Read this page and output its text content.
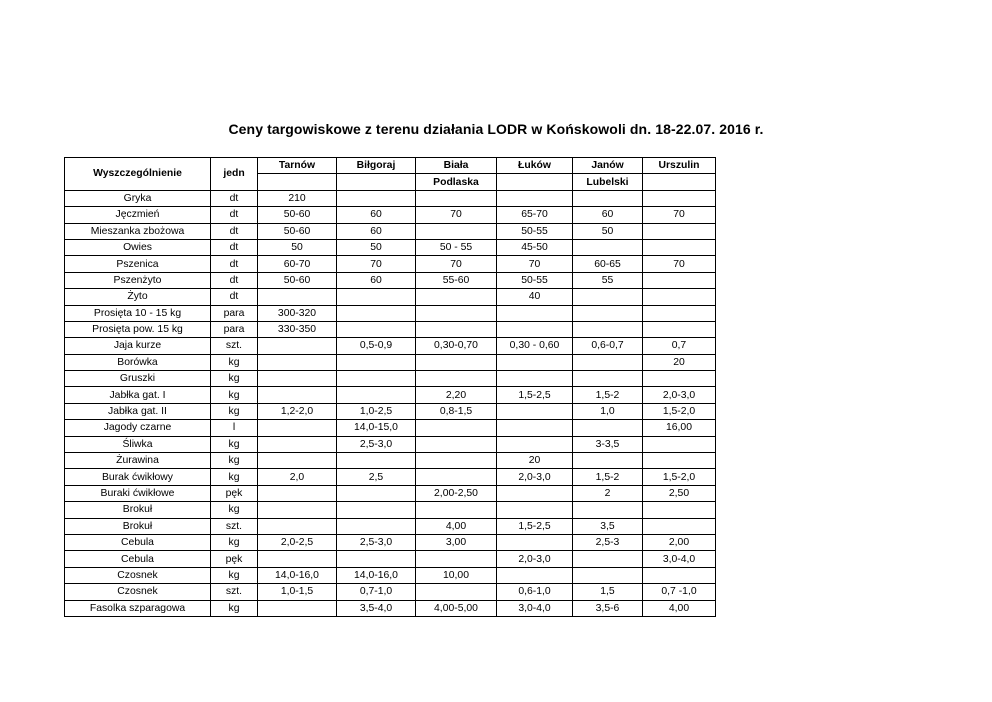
Ceny targowiskowe z terenu działania LODR w Końskowoli dn. 18-22.07. 2016 r.
Wyszczególnienie	jedn	Tarnów	Biłgoraj	Biała	Łuków	Janów	Urszulin
				Podlaska		Lubelski	
Gryka	dt	210					
Jęczmień	dt	50-60	60	70	65-70	60	70
Mieszanka zbożowa	dt	50-60	60		50-55	50	
Owies	dt	50	50	50 - 55	45-50		
Pszenica	dt	60-70	70	70	70	60-65	70
Pszenżyto	dt	50-60	60	55-60	50-55	55	
Żyto	dt				40		
Prosięta 10 - 15 kg	para	300-320					
Prosięta pow. 15 kg	para	330-350					
Jaja kurze	szt.		0,5-0,9	0,30-0,70	0,30 - 0,60	0,6-0,7	0,7
Borówka	kg						20
Gruszki	kg						
Jabłka gat. I	kg			2,20	1,5-2,5	1,5-2	2,0-3,0
Jabłka gat. II	kg	1,2-2,0	1,0-2,5	0,8-1,5		1,0	1,5-2,0
Jagody czarne	l		14,0-15,0				16,00
Śliwka	kg		2,5-3,0			3-3,5	
Żurawina	kg				20		
Burak ćwikłowy	kg	2,0	2,5		2,0-3,0	1,5-2	1,5-2,0
Buraki ćwikłowe	pęk			2,00-2,50		2	2,50
Brokuł	kg						
Brokuł	szt.			4,00	1,5-2,5	3,5	
Cebula	kg	2,0-2,5	2,5-3,0	3,00		2,5-3	2,00
Cebula	pęk				2,0-3,0		3,0-4,0
Czosnek	kg	14,0-16,0	14,0-16,0	10,00			
Czosnek	szt.	1,0-1,5	0,7-1,0		0,6-1,0	1,5	0,7 -1,0
Fasolka szparagowa	kg		3,5-4,0	4,00-5,00	3,0-4,0	3,5-6	4,00
